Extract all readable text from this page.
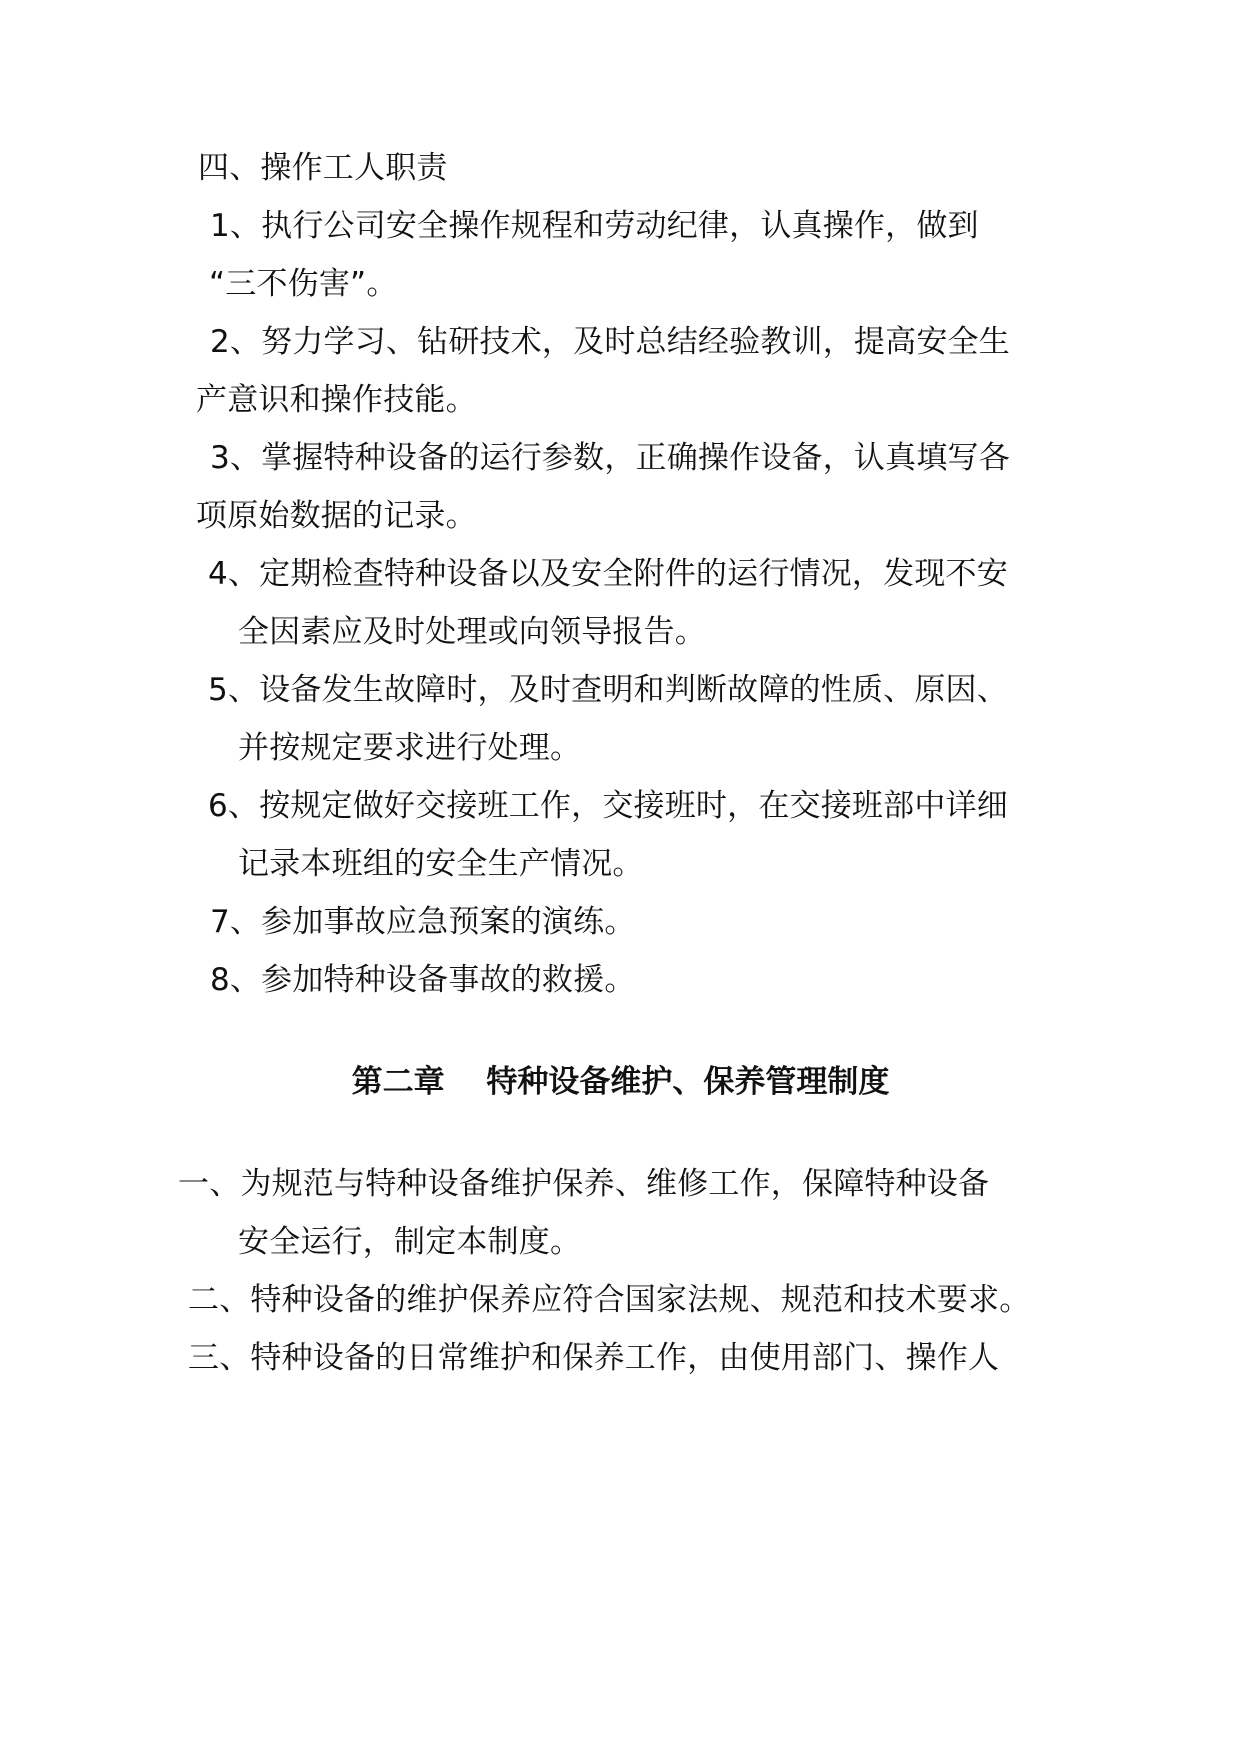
四、操作工人职责
1、执行公司安全操作规程和劳动纪律，认真操作，做到
“三不伤害”。
2、努力学习、钻研技术，及时总结经验教训，提高安全生
产意识和操作技能。
3、掌握特种设备的运行参数，正确操作设备，认真填写各
项原始数据的记录。
4、定期检查特种设备以及安全附件的运行情况，发现不安
全因素应及时处理或向领导报告。
5、设备发生故障时，及时查明和判断故障的性质、原因、
并按规定要求进行处理。
6、按规定做好交接班工作，交接班时，在交接班部中详细
记录本班组的安全生产情况。
7、参加事故应急预案的演练。
8、参加特种设备事故的救援。
第二章　 特种设备维护、保养管理制度
一、为规范与特种设备维护保养、维修工作，保障特种设备
安全运行，制定本制度。
二、特种设备的维护保养应符合国家法规、规范和技术要求。
三、特种设备的日常维护和保养工作，由使用部门、操作人
